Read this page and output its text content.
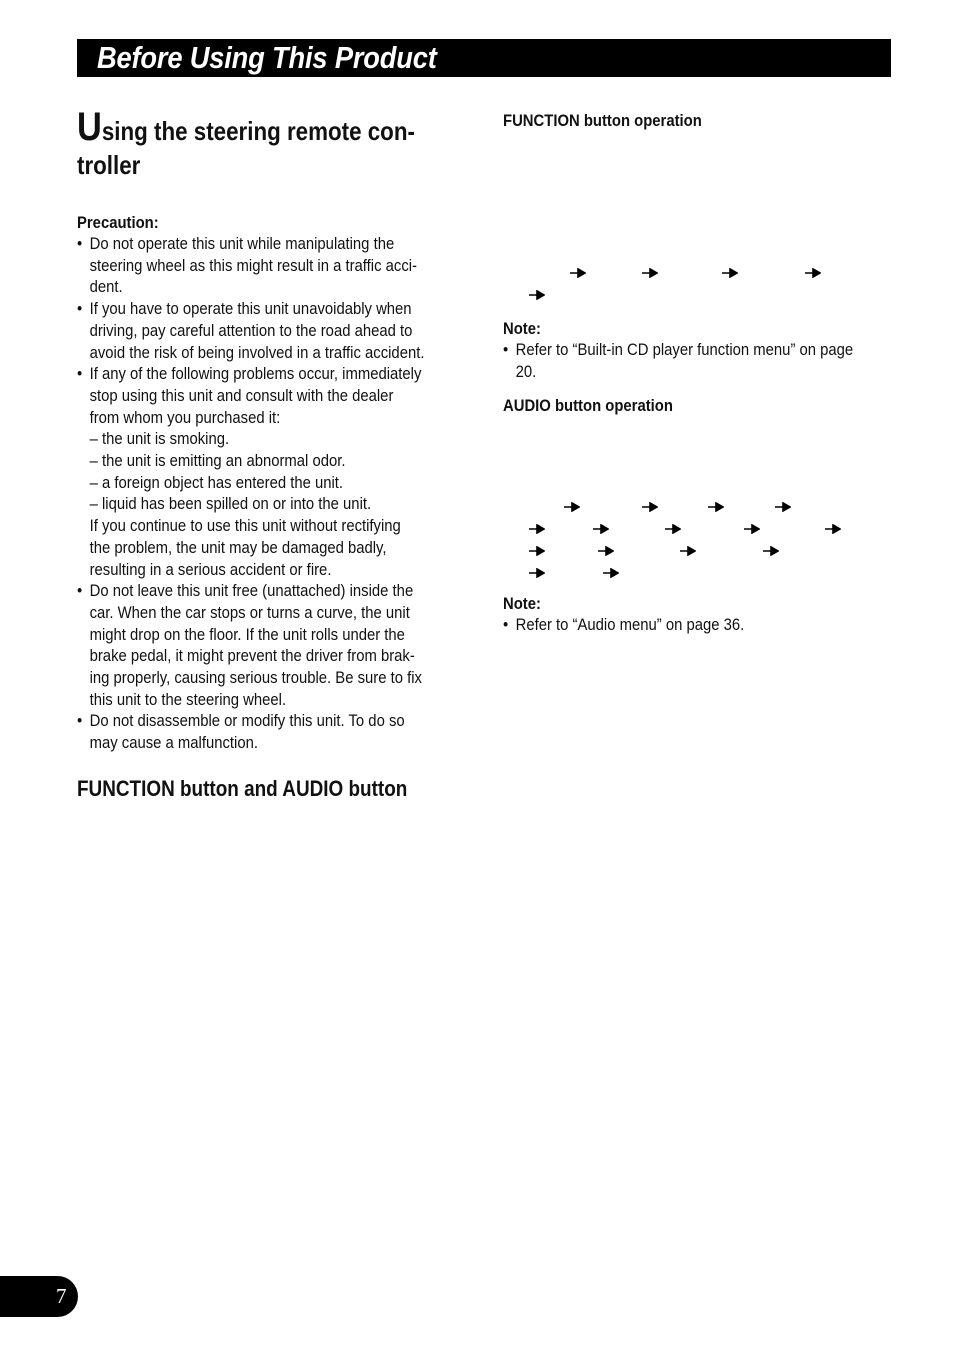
Before Using This Product
Using the steering remote con-
troller
Precaution:
• Do not operate this unit while manipulating the
steering wheel as this might result in a traffic acci-
dent.
• If you have to operate this unit unavoidably when
driving, pay careful attention to the road ahead to
avoid the risk of being involved in a traffic accident.
• If any of the following problems occur, immediately
stop using this unit and consult with the dealer
from whom you purchased it:
– the unit is smoking.
– the unit is emitting an abnormal odor.
– a foreign object has entered the unit.
– liquid has been spilled on or into the unit.
If you continue to use this unit without rectifying
the problem, the unit may be damaged badly,
resulting in a serious accident or fire.
• Do not leave this unit free (unattached) inside the
car. When the car stops or turns a curve, the unit
might drop on the floor. If the unit rolls under the
brake pedal, it might prevent the driver from brak-
ing properly, causing serious trouble. Be sure to fix
this unit to the steering wheel.
• Do not disassemble or modify this unit. To do so
may cause a malfunction.
FUNCTION button and AUDIO button
FUNCTION button operation
Note:
• Refer to “Built-in CD player function menu” on page
20.
AUDIO button operation
Note:
• Refer to “Audio menu” on page 36.
7
